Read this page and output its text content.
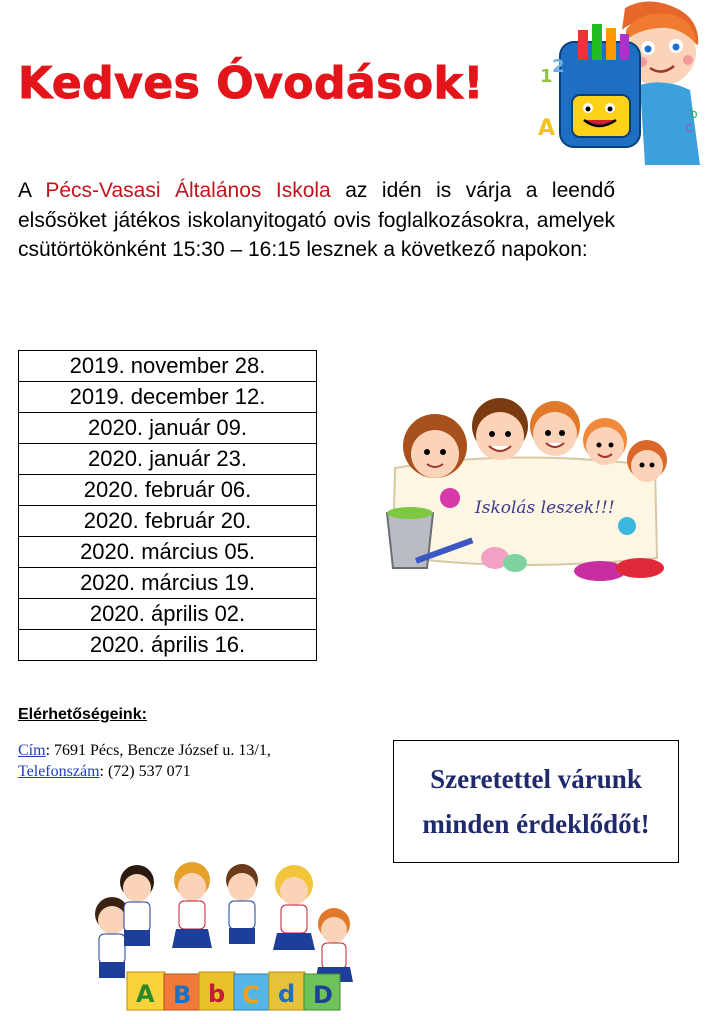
Kedves Óvodások!
A
1 2
c
b
A Pécs-Vasasi Általános Iskola az idén is várja a leendő elsősöket játékos iskolanyitogató ovis foglalkozásokra, amelyek csütörtökönként 15:30 – 16:15 lesznek a következő napokon:
2019. november 28.
2019. december 12.
2020. január 09.
2020. január 23.
2020. február 06.
2020. február 20.
2020. március 05.
2020. március 19.
2020. április 02.
2020. április 16.
Iskolás leszek!!!
Elérhetőségeink:
Cím: 7691 Pécs, Bencze József u. 13/1,
Telefonszám: (72) 537 071	Szeretettel várunk
minden érdeklődőt!
A B b C d D
